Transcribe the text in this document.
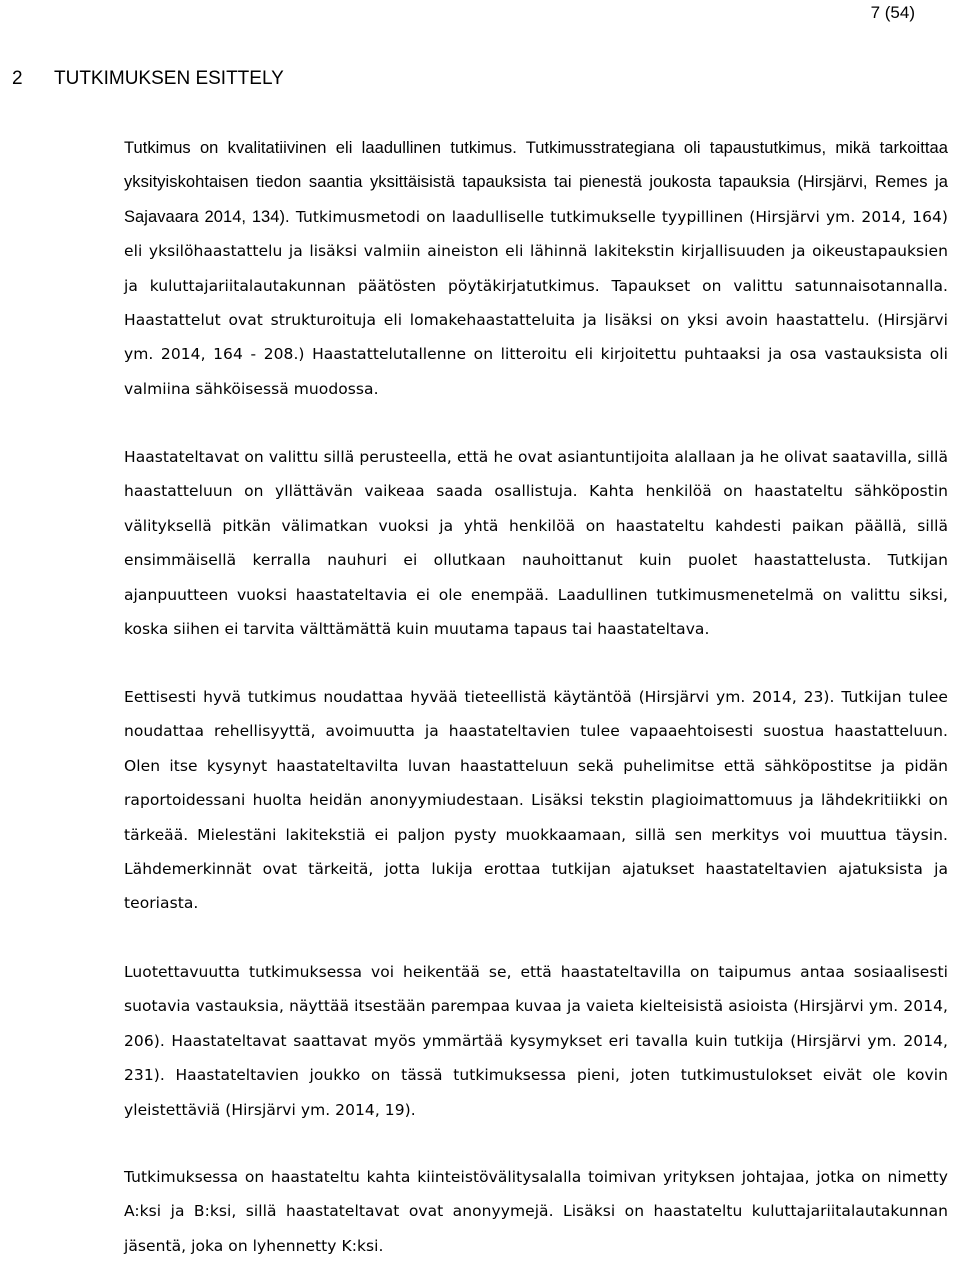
7 (54)
2 TUTKIMUKSEN ESITTELY

Tutkimus on kvalitatiivinen eli laadullinen tutkimus. Tutkimusstrategiana oli tapaustutkimus, mikä tarkoittaa yksityiskohtaisen tiedon saantia yksittäisistä tapauksista tai pienestä joukosta tapauksia (Hirsjärvi, Remes ja Sajavaara 2014, 134). Tutkimusmetodi on laadulliselle tutkimukselle tyypillinen (Hirsjärvi ym. 2014, 164) eli yksilöhaastattelu ja lisäksi valmiin aineiston eli lähinnä lakitekstin kirjallisuuden ja oikeustapauksien ja kuluttajariitalautakunnan päätösten pöytäkirjatutkimus. Tapaukset on valittu satunnaisotannalla. Haastattelut ovat strukturoituja eli lomakehaastatteluita ja lisäksi on yksi avoin haastattelu. (Hirsjärvi ym. 2014, 164 - 208.) Haastattelutallenne on litteroitu eli kirjoitettu puhtaaksi ja osa vastauksista oli valmiina sähköisessä muodossa.

Haastateltavat on valittu sillä perusteella, että he ovat asiantuntijoita alallaan ja he olivat saatavilla, sillä haastatteluun on yllättävän vaikeaa saada osallistuja. Kahta henkilöä on haastateltu sähköpostin välityksellä pitkän välimatkan vuoksi ja yhtä henkilöä on haastateltu kahdesti paikan päällä, sillä ensimmäisellä kerralla nauhuri ei ollutkaan nauhoittanut kuin puolet haastattelusta. Tutkijan ajanpuutteen vuoksi haastateltavia ei ole enempää. Laadullinen tutkimusmenetelmä on valittu siksi, koska siihen ei tarvita välttämättä kuin muutama tapaus tai haastateltava.

Eettisesti hyvä tutkimus noudattaa hyvää tieteellistä käytäntöä (Hirsjärvi ym. 2014, 23). Tutkijan tulee noudattaa rehellisyyttä, avoimuutta ja haastateltavien tulee vapaaehtoisesti suostua haastatteluun. Olen itse kysynyt haastateltavilta luvan haastatteluun sekä puhelimitse että sähköpostitse ja pidän raportoidessani huolta heidän anonyymiudestaan. Lisäksi tekstin plagioimattomuus ja lähdekritiikki on tärkeää. Mielestäni lakitekstiä ei paljon pysty muokkaamaan, sillä sen merkitys voi muuttua täysin. Lähdemerkinnät ovat tärkeitä, jotta lukija erottaa tutkijan ajatukset haastateltavien ajatuksista ja teoriasta.

Luotettavuutta tutkimuksessa voi heikentää se, että haastateltavilla on taipumus antaa sosiaalisesti suotavia vastauksia, näyttää itsestään parempaa kuvaa ja vaieta kielteisistä asioista (Hirsjärvi ym. 2014, 206). Haastateltavat saattavat myös ymmärtää kysymykset eri tavalla kuin tutkija (Hirsjärvi ym. 2014, 231). Haastateltavien joukko on tässä tutkimuksessa pieni, joten tutkimustulokset eivät ole kovin yleistettäviä (Hirsjärvi ym. 2014, 19).

Tutkimuksessa on haastateltu kahta kiinteistövälitysalalla toimivan yrityksen johtajaa, jotka on nimetty A:ksi ja B:ksi, sillä haastateltavat ovat anonyymejä. Lisäksi on haastateltu kuluttajariitalautakunnan jäsentä, joka on lyhennetty K:ksi.
